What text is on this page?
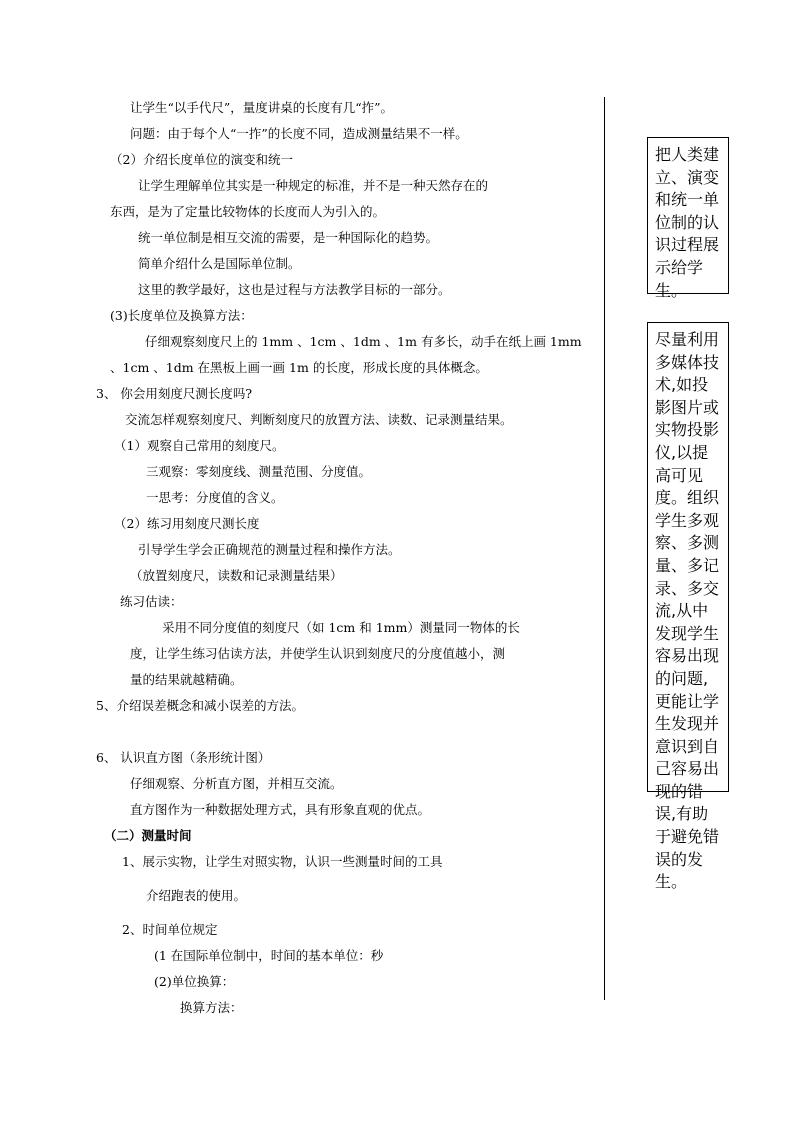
让学生“以手代尺”，量度讲桌的长度有几“拃”。
问题：由于每个人“一拃”的长度不同，造成测量结果不一样。
（2）介绍长度单位的演变和统一
让学生理解单位其实是一种规定的标准，并不是一种天然存在的
东西，是为了定量比较物体的长度而人为引入的。
统一单位制是相互交流的需要，是一种国际化的趋势。
简单介绍什么是国际单位制。
这里的教学最好，这也是过程与方法教学目标的一部分。
(3)长度单位及换算方法：
仔细观察刻度尺上的 1mm 、1cm 、1dm 、1m 有多长，动手在纸上画 1mm
、1cm 、1dm 在黑板上画一画 1m 的长度，形成长度的具体概念。
3、 你会用刻度尺测长度吗?
交流怎样观察刻度尺、判断刻度尺的放置方法、读数、记录测量结果。
（1）观察自己常用的刻度尺。
三观察：零刻度线、测量范围、分度值。
一思考：分度值的含义。
（2）练习用刻度尺测长度
引导学生学会正确规范的测量过程和操作方法。
（放置刻度尺，读数和记录测量结果）
练习估读：
采用不同分度值的刻度尺（如 1cm 和 1mm）测量同一物体的长
度，让学生练习估读方法，并使学生认识到刻度尺的分度值越小，测
量的结果就越精确。
5、介绍误差概念和减小误差的方法。
6、 认识直方图（条形统计图）
仔细观察、分析直方图，并相互交流。
直方图作为一种数据处理方式，具有形象直观的优点。
（二）测量时间
1、展示实物，让学生对照实物，认识一些测量时间的工具
介绍跑表的使用。
2、时间单位规定
(1 在国际单位制中，时间的基本单位：秒
(2)单位换算：
换算方法：
把人类建立、演变和统一单位制的认识过程展示给学生。
尽量利用多媒体技术,如投影图片或实物投影仪,以提高可见度。组织学生多观察、多测量、多记录、多交流,从中发现学生容易出现的问题,更能让学生发现并意识到自己容易出现的错误,有助于避免错误的发生。
